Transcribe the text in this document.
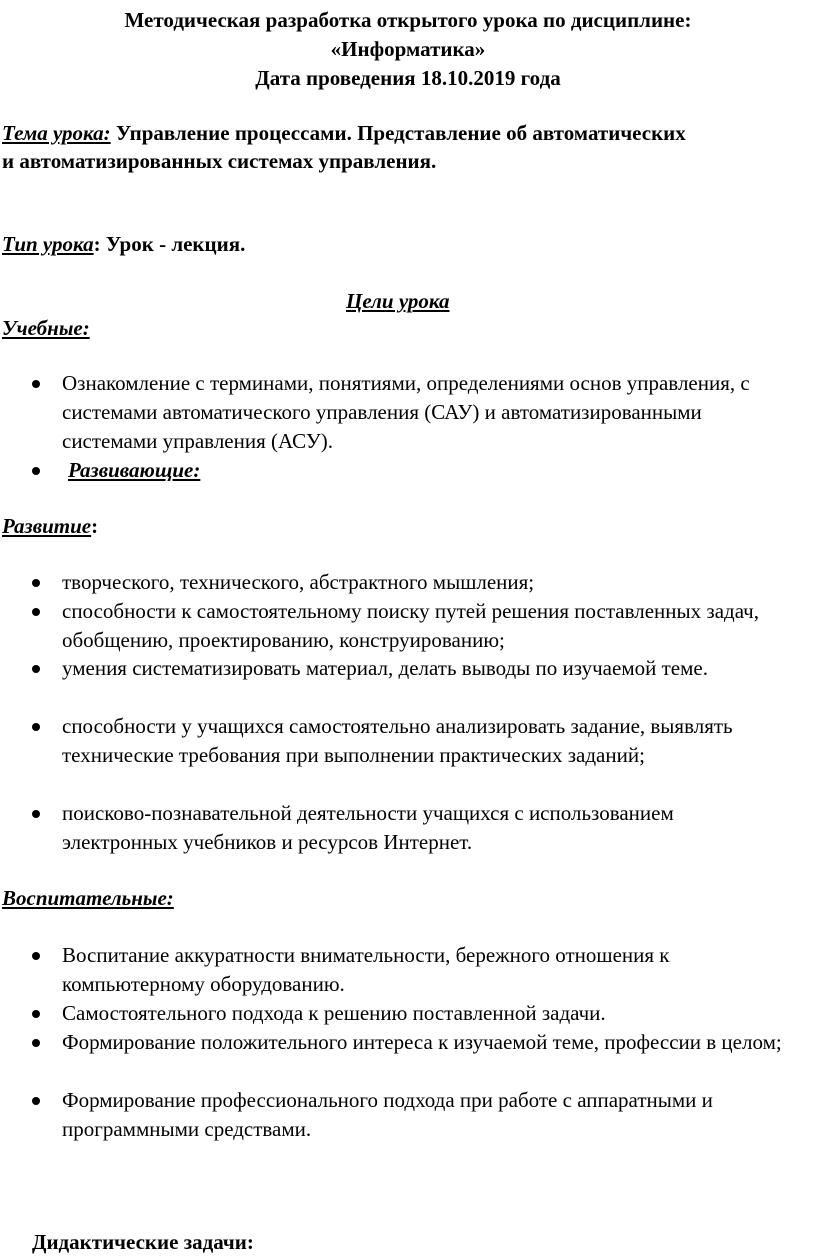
Методическая разработка открытого урока по дисциплине:
«Информатика»
Дата проведения 18.10.2019 года
Тема урока: Управление процессами. Представление об автоматических
и автоматизированных системах управления.
Тип урока: Урок - лекция.
Цели урока
Учебные:
Ознакомление с терминами, понятиями, определениями основ управления, с системами автоматического управления (САУ) и автоматизированными системами управления (АСУ).
Развивающие:
Развитие:
творческого, технического, абстрактного мышления;
способности к самостоятельному поиску путей решения поставленных задач, обобщению, проектированию, конструированию;
умения систематизировать материал, делать выводы по изучаемой теме.
способности у учащихся самостоятельно анализировать задание, выявлять технические требования при выполнении практических заданий;
поисково-познавательной деятельности учащихся с использованием электронных учебников и ресурсов Интернет.
Воспитательные:
Воспитание аккуратности внимательности, бережного отношения к компьютерному оборудованию.
Самостоятельного подхода к решению поставленной задачи.
Формирование положительного интереса к изучаемой теме, профессии в целом;
Формирование профессионального подхода при работе с аппаратными и программными средствами.
Дидактические задачи:
